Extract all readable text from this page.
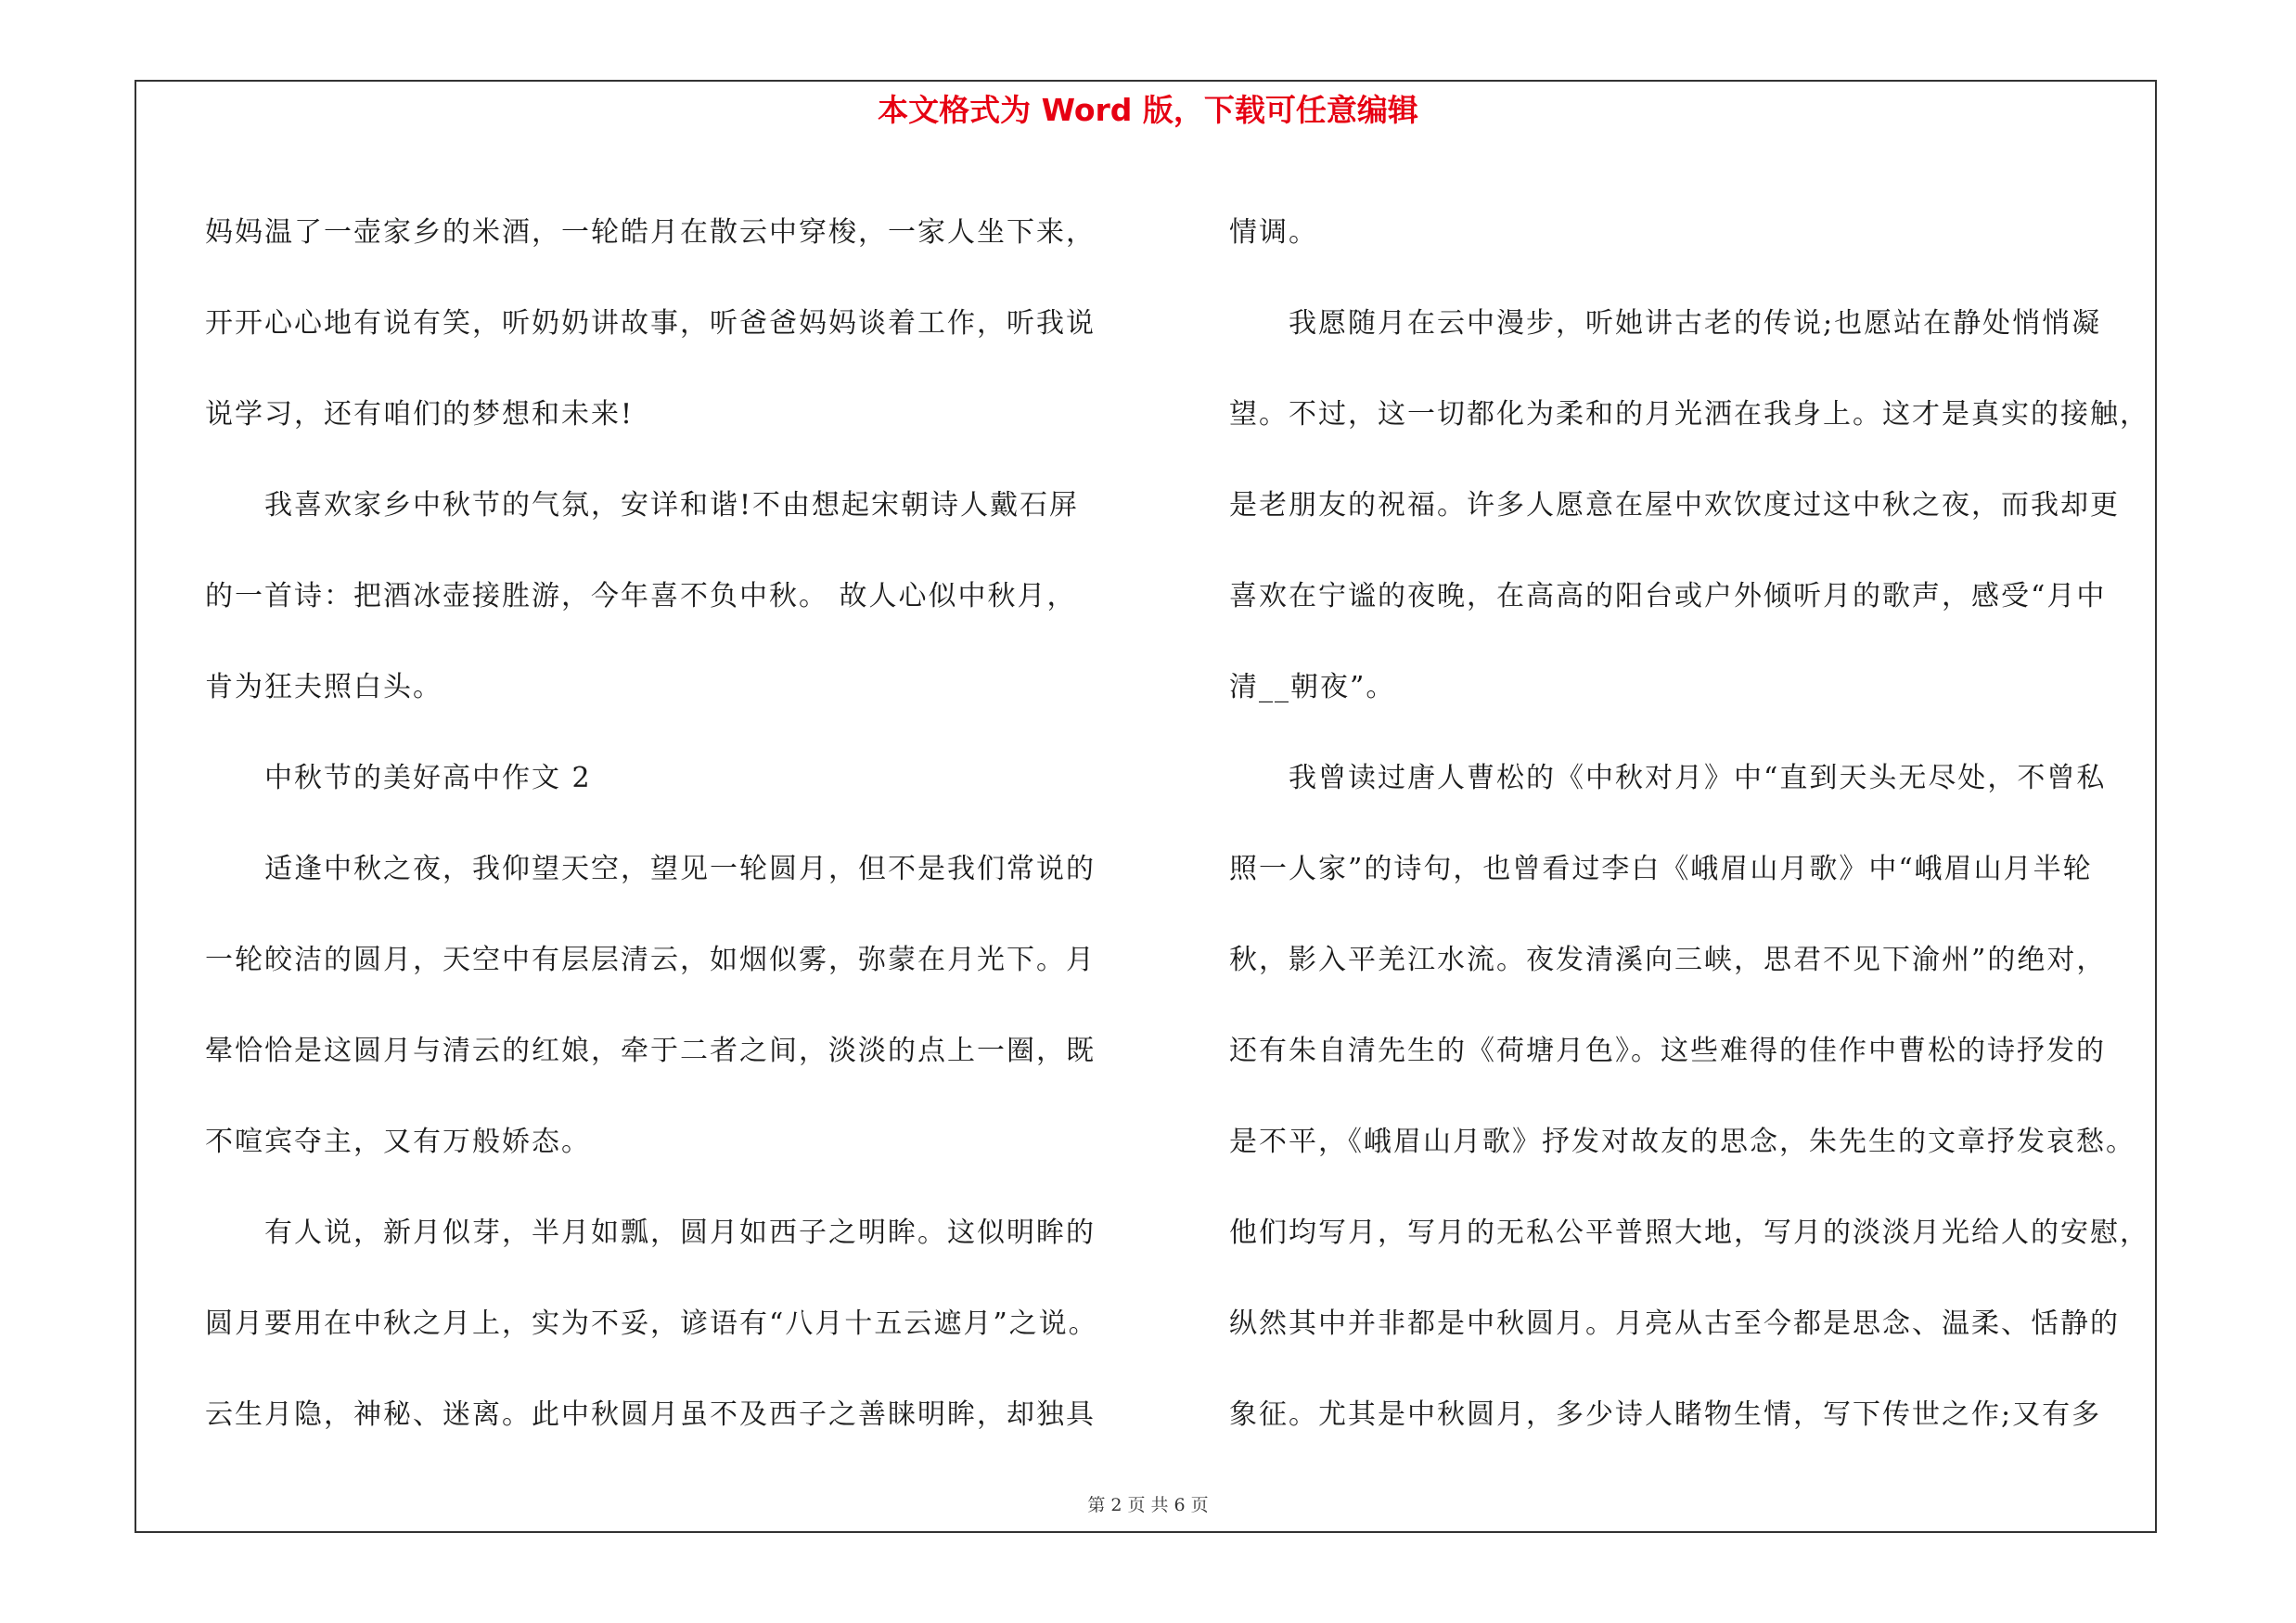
本文格式为 Word 版，下载可任意编辑
妈妈温了一壶家乡的米酒，一轮皓月在散云中穿梭，一家人坐下来，
开开心心地有说有笑，听奶奶讲故事，听爸爸妈妈谈着工作，听我说
说学习，还有咱们的梦想和未来!
我喜欢家乡中秋节的气氛，安详和谐!不由想起宋朝诗人戴石屏
的一首诗：把酒冰壶接胜游，今年喜不负中秋。 故人心似中秋月，
肯为狂夫照白头。
中秋节的美好高中作文 2
适逢中秋之夜，我仰望天空，望见一轮圆月，但不是我们常说的
一轮皎洁的圆月，天空中有层层清云，如烟似雾，弥蒙在月光下。月
晕恰恰是这圆月与清云的红娘，牵于二者之间，淡淡的点上一圈，既
不喧宾夺主，又有万般娇态。
有人说，新月似芽，半月如瓢，圆月如西子之明眸。这似明眸的
圆月要用在中秋之月上，实为不妥，谚语有“八月十五云遮月”之说。
云生月隐，神秘、迷离。此中秋圆月虽不及西子之善睐明眸，却独具
情调。
我愿随月在云中漫步，听她讲古老的传说;也愿站在静处悄悄凝
望。不过，这一切都化为柔和的月光洒在我身上。这才是真实的接触，
是老朋友的祝福。许多人愿意在屋中欢饮度过这中秋之夜，而我却更
喜欢在宁谧的夜晚，在高高的阳台或户外倾听月的歌声，感受“月中
清__朝夜”。
我曾读过唐人曹松的《中秋对月》中“直到天头无尽处，不曾私
照一人家”的诗句，也曾看过李白《峨眉山月歌》中“峨眉山月半轮
秋，影入平羌江水流。夜发清溪向三峡，思君不见下渝州”的绝对，
还有朱自清先生的《荷塘月色》。这些难得的佳作中曹松的诗抒发的
是不平，《峨眉山月歌》抒发对故友的思念，朱先生的文章抒发哀愁。
他们均写月，写月的无私公平普照大地，写月的淡淡月光给人的安慰，
纵然其中并非都是中秋圆月。月亮从古至今都是思念、温柔、恬静的
象征。尤其是中秋圆月，多少诗人睹物生情，写下传世之作;又有多
第 2 页 共 6 页
